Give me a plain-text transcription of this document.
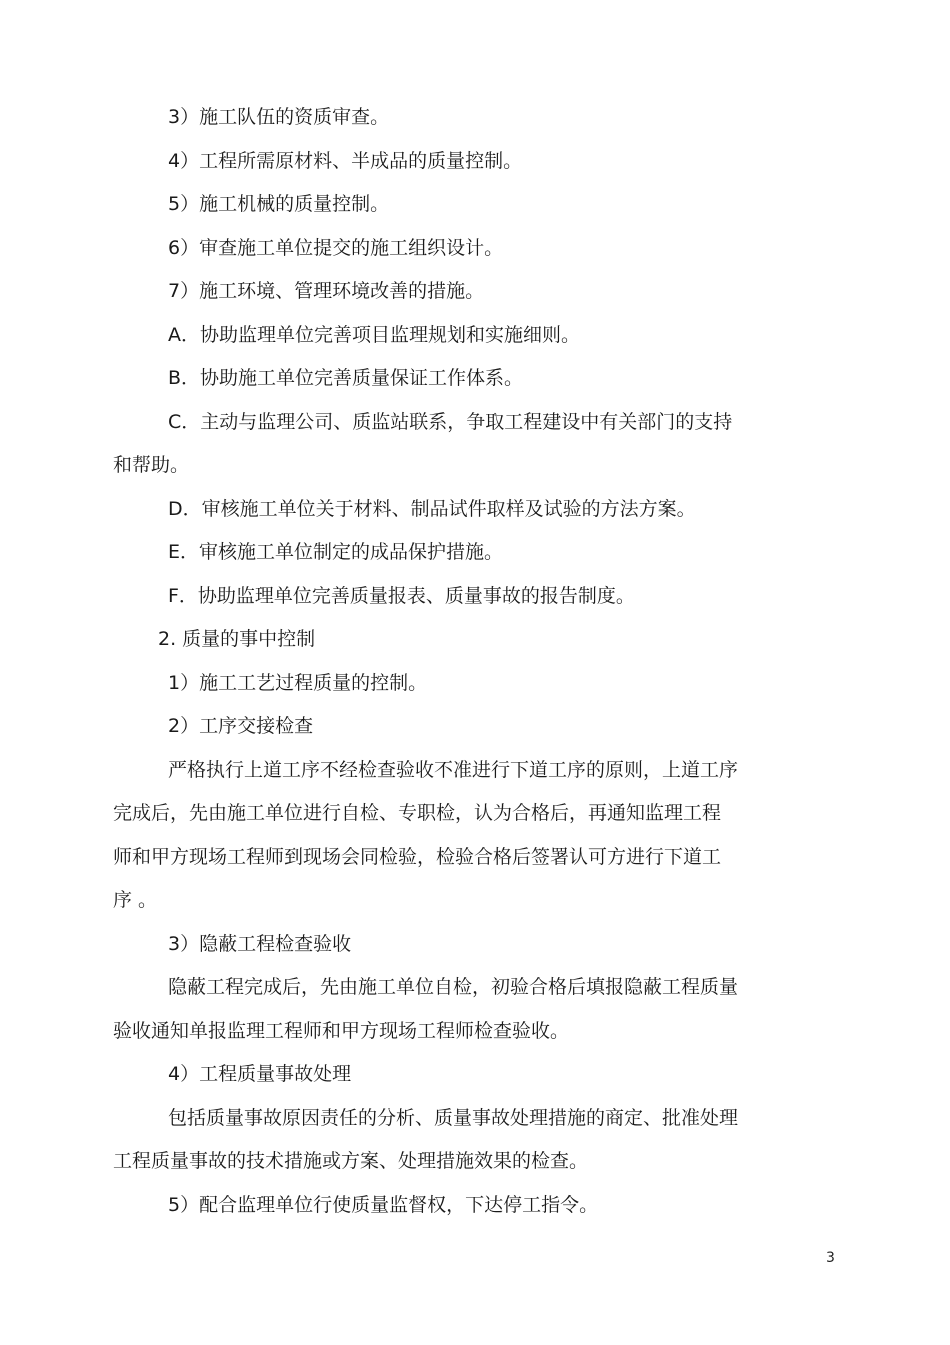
3）施工队伍的资质审查。
4）工程所需原材料、半成品的质量控制。
5）施工机械的质量控制。
6）审查施工单位提交的施工组织设计。
7）施工环境、管理环境改善的措施。
A．协助监理单位完善项目监理规划和实施细则。
B．协助施工单位完善质量保证工作体系。
C．主动与监理公司、质监站联系，争取工程建设中有关部门的支持
和帮助。
D．审核施工单位关于材料、制品试件取样及试验的方法方案。
E．审核施工单位制定的成品保护措施。
F．协助监理单位完善质量报表、质量事故的报告制度。
2. 质量的事中控制
1）施工工艺过程质量的控制。
2）工序交接检查
严格执行上道工序不经检查验收不准进行下道工序的原则，上道工序
完成后，先由施工单位进行自检、专职检，认为合格后，再通知监理工程
师和甲方现场工程师到现场会同检验，检验合格后签署认可方进行下道工
序 。
3）隐蔽工程检查验收
隐蔽工程完成后，先由施工单位自检，初验合格后填报隐蔽工程质量
验收通知单报监理工程师和甲方现场工程师检查验收。
4）工程质量事故处理
包括质量事故原因责任的分析、质量事故处理措施的商定、批准处理
工程质量事故的技术措施或方案、处理措施效果的检查。
5）配合监理单位行使质量监督权，下达停工指令。
3
